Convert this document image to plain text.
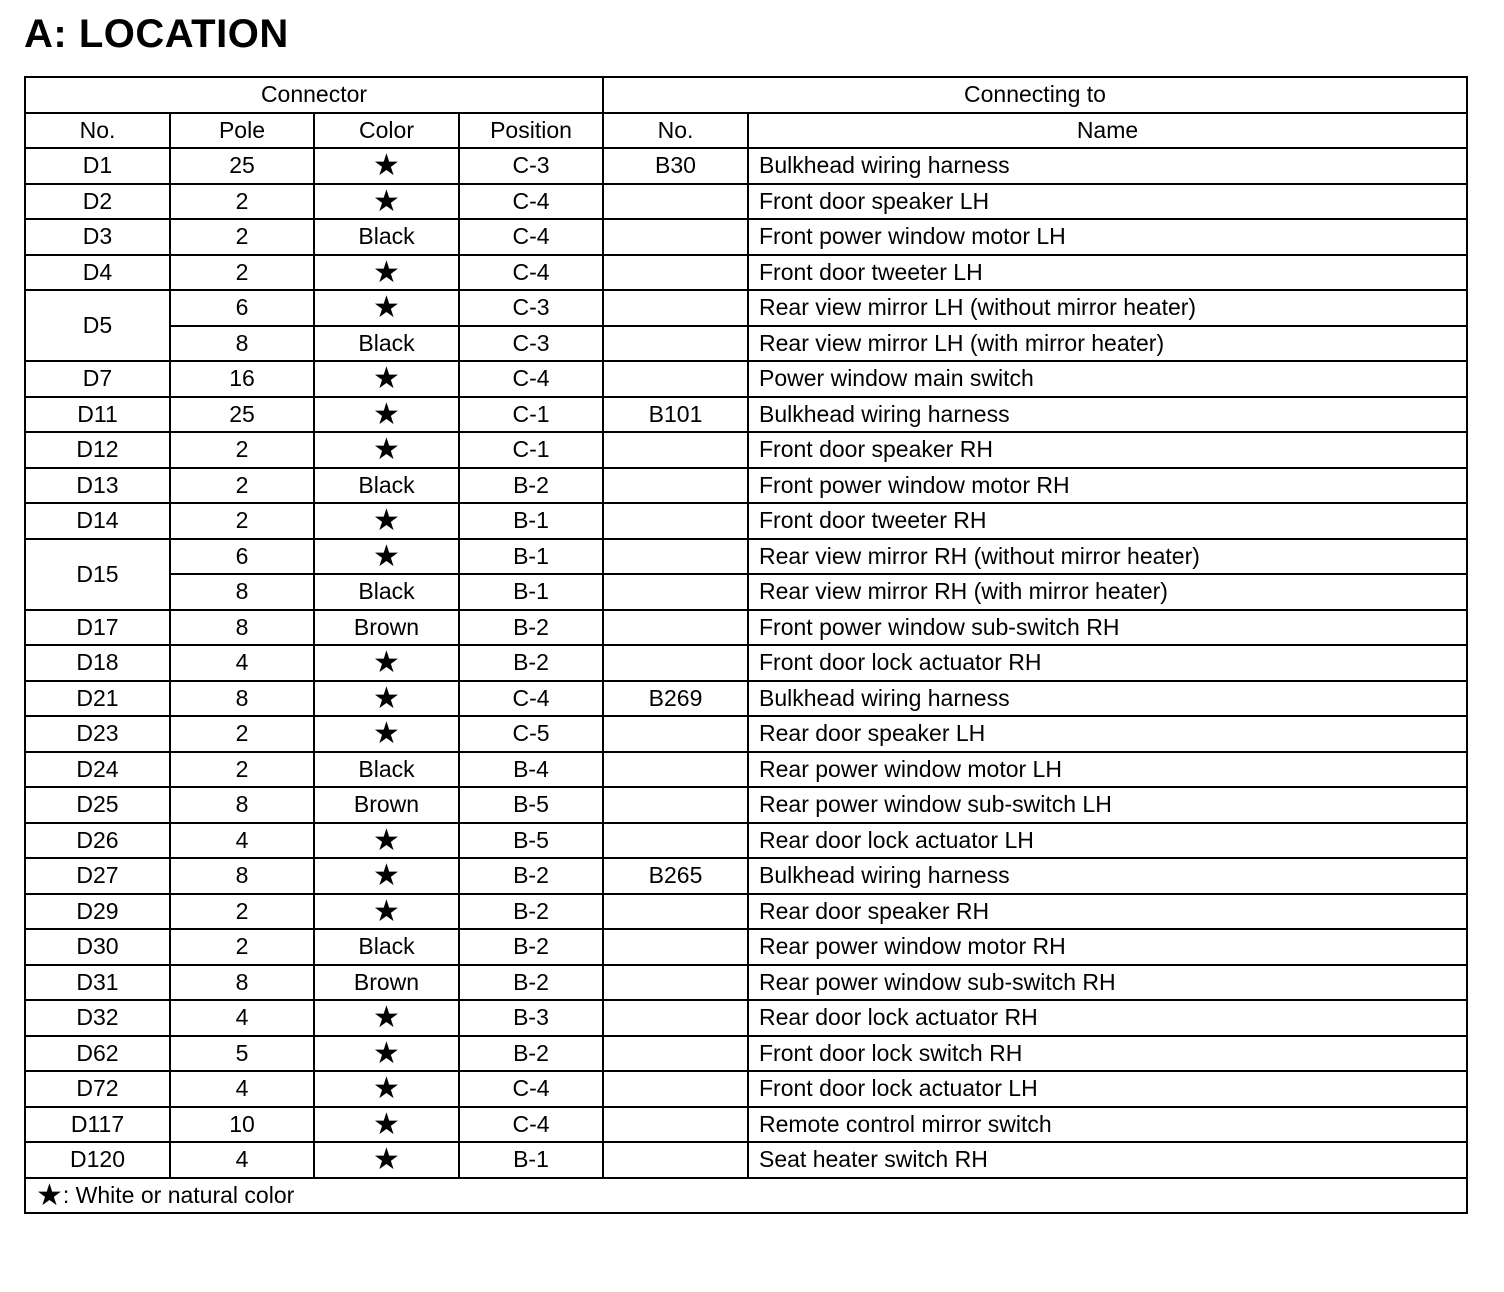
A: LOCATION
Connector				Connecting to	
No.	Pole	Color	Position	No.	Name
D1	25	★	C-3	B30	Bulkhead wiring harness
D2	2	★	C-4		Front door speaker LH
D3	2	Black	C-4		Front power window motor LH
D4	2	★	C-4		Front door tweeter LH
D5	6	★	C-3		Rear view mirror LH (without mirror heater)
	8	Black	C-3		Rear view mirror LH (with mirror heater)
D7	16	★	C-4		Power window main switch
D11	25	★	C-1	B101	Bulkhead wiring harness
D12	2	★	C-1		Front door speaker RH
D13	2	Black	B-2		Front power window motor RH
D14	2	★	B-1		Front door tweeter RH
D15	6	★	B-1		Rear view mirror RH (without mirror heater)
	8	Black	B-1		Rear view mirror RH (with mirror heater)
D17	8	Brown	B-2		Front power window sub-switch RH
D18	4	★	B-2		Front door lock actuator RH
D21	8	★	C-4	B269	Bulkhead wiring harness
D23	2	★	C-5		Rear door speaker LH
D24	2	Black	B-4		Rear power window motor LH
D25	8	Brown	B-5		Rear power window sub-switch LH
D26	4	★	B-5		Rear door lock actuator LH
D27	8	★	B-2	B265	Bulkhead wiring harness
D29	2	★	B-2		Rear door speaker RH
D30	2	Black	B-2		Rear power window motor RH
D31	8	Brown	B-2		Rear power window sub-switch RH
D32	4	★	B-3		Rear door lock actuator RH
D62	5	★	B-2		Front door lock switch RH
D72	4	★	C-4		Front door lock actuator LH
D117	10	★	C-4		Remote control mirror switch
D120	4	★	B-1		Seat heater switch RH
★: White or natural color					
